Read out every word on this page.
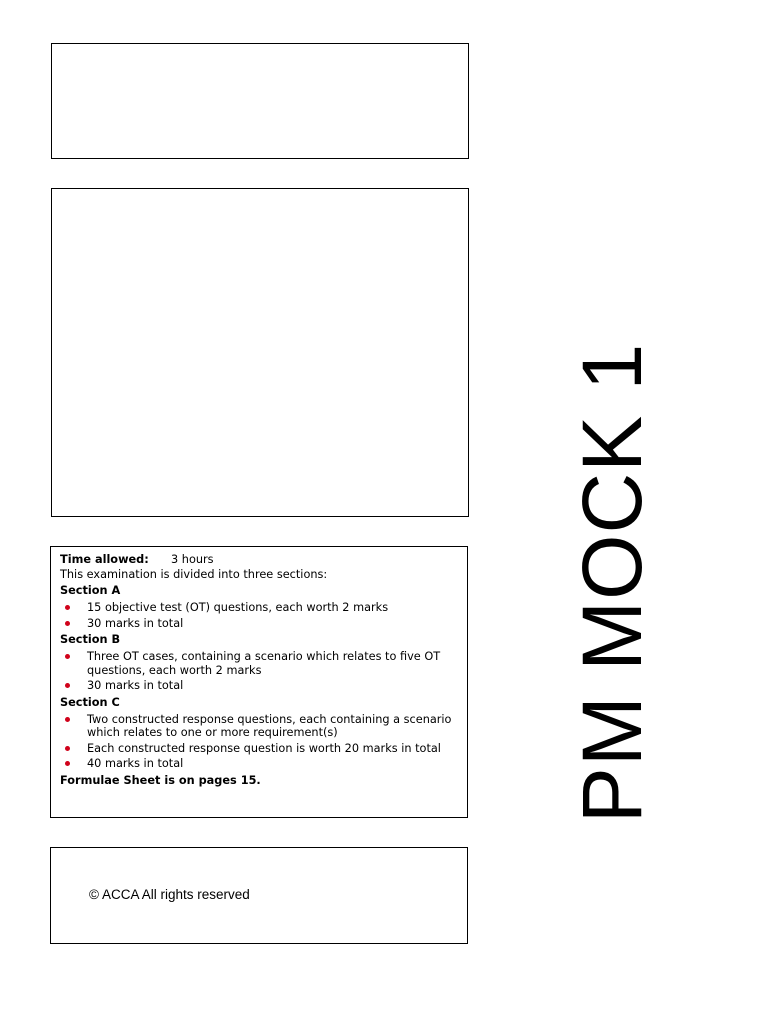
Time allowed: 3 hours

This examination is divided into three sections:

Section A
15 objective test (OT) questions, each worth 2 marks
30 marks in total
Section B
Three OT cases, containing a scenario which relates to five OT questions, each worth 2 marks
30 marks in total
Section C
Two constructed response questions, each containing a scenario which relates to one or more requirement(s)
Each constructed response question is worth 20 marks in total
40 marks in total
Formulae Sheet is on pages 15.
© ACCA All rights reserved
PM MOCK 1
